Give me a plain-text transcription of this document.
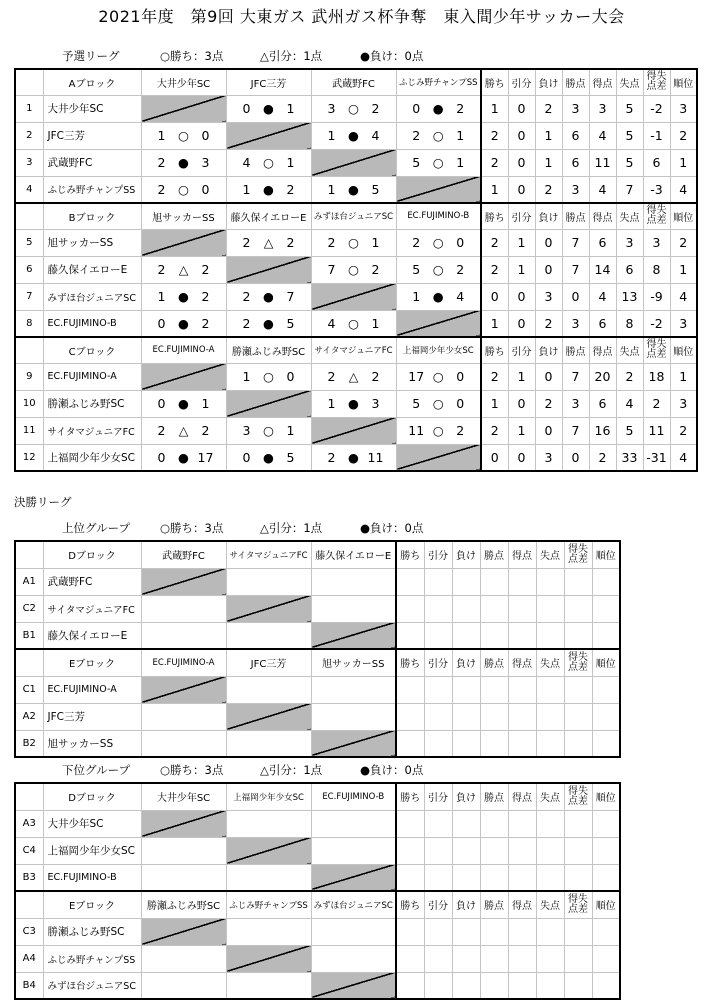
2021年度　第9回 大東ガス 武州ガス杯争奪　東入間少年サッカー大会
予選リーグ	○勝ち：3点	△引分：1点	●負け：0点
	Aブロック	大井少年SC	JFC三芳	武蔵野FC	ふじみ野チャンプSS	勝ち	引分	負け	勝点	得点	失点	得失点差	順位
1	大井少年SC		0 ● 1	3 ○ 2	0 ● 2	1	0	2	3	3	5	-2	3
2	JFC三芳	1 ○ 0		1 ● 4	2 ○ 1	2	0	1	6	4	5	-1	2
3	武蔵野FC	2 ● 3	4 ○ 1		5 ○ 1	2	0	1	6	11	5	6	1
4	ふじみ野チャンプSS	2 ○ 0	1 ● 2	1 ● 5		1	0	2	3	4	7	-3	4
	Bブロック	旭サッカーSS	藤久保イエローE	みずほ台ジュニアSC	EC.FUJIMINO-B	勝ち	引分	負け	勝点	得点	失点	得失点差	順位
5	旭サッカーSS		2 △ 2	2 ○ 1	2 ○ 0	2	1	0	7	6	3	3	2
6	藤久保イエローE	2 △ 2		7 ○ 2	5 ○ 2	2	1	0	7	14	6	8	1
7	みずほ台ジュニアSC	1 ● 2	2 ● 7		1 ● 4	0	0	3	0	4	13	-9	4
8	EC.FUJIMINO-B	0 ● 2	2 ● 5	4 ○ 1		1	0	2	3	6	8	-2	3
	Cブロック	EC.FUJIMINO-A	勝瀬ふじみ野SC	サイタマジュニアFC	上福岡少年少女SC	勝ち	引分	負け	勝点	得点	失点	得失点差	順位
9	EC.FUJIMINO-A		1 ○ 0	2 △ 2	17 ○ 0	2	1	0	7	20	2	18	1
10	勝瀬ふじみ野SC	0 ● 1		1 ● 3	5 ○ 0	1	0	2	3	6	4	2	3
11	サイタマジュニアFC	2 △ 2	3 ○ 1		11 ○ 2	2	1	0	7	16	5	11	2
12	上福岡少年少女SC	0 ● 17	0 ● 5	2 ● 11		0	0	3	0	2	33	-31	4
決勝リーグ
上位グループ	○勝ち：3点	△引分：1点	●負け：0点
	Dブロック	武蔵野FC	サイタマジュニアFC	藤久保イエローE	勝ち	引分	負け	勝点	得点	失点	得失点差	順位
A1	武蔵野FC											
C2	サイタマジュニアFC											
B1	藤久保イエローE											
	Eブロック	EC.FUJIMINO-A	JFC三芳	旭サッカーSS	勝ち	引分	負け	勝点	得点	失点	得失点差	順位
C1	EC.FUJIMINO-A											
A2	JFC三芳											
B2	旭サッカーSS											
下位グループ	○勝ち：3点	△引分：1点	●負け：0点
	Dブロック	大井少年SC	上福岡少年少女SC	EC.FUJIMINO-B	勝ち	引分	負け	勝点	得点	失点	得失点差	順位
A3	大井少年SC											
C4	上福岡少年少女SC											
B3	EC.FUJIMINO-B											
	Eブロック	勝瀬ふじみ野SC	ふじみ野チャンプSS	みずほ台ジュニアSC	勝ち	引分	負け	勝点	得点	失点	得失点差	順位
C3	勝瀬ふじみ野SC											
A4	ふじみ野チャンプSS											
B4	みずほ台ジュニアSC											
